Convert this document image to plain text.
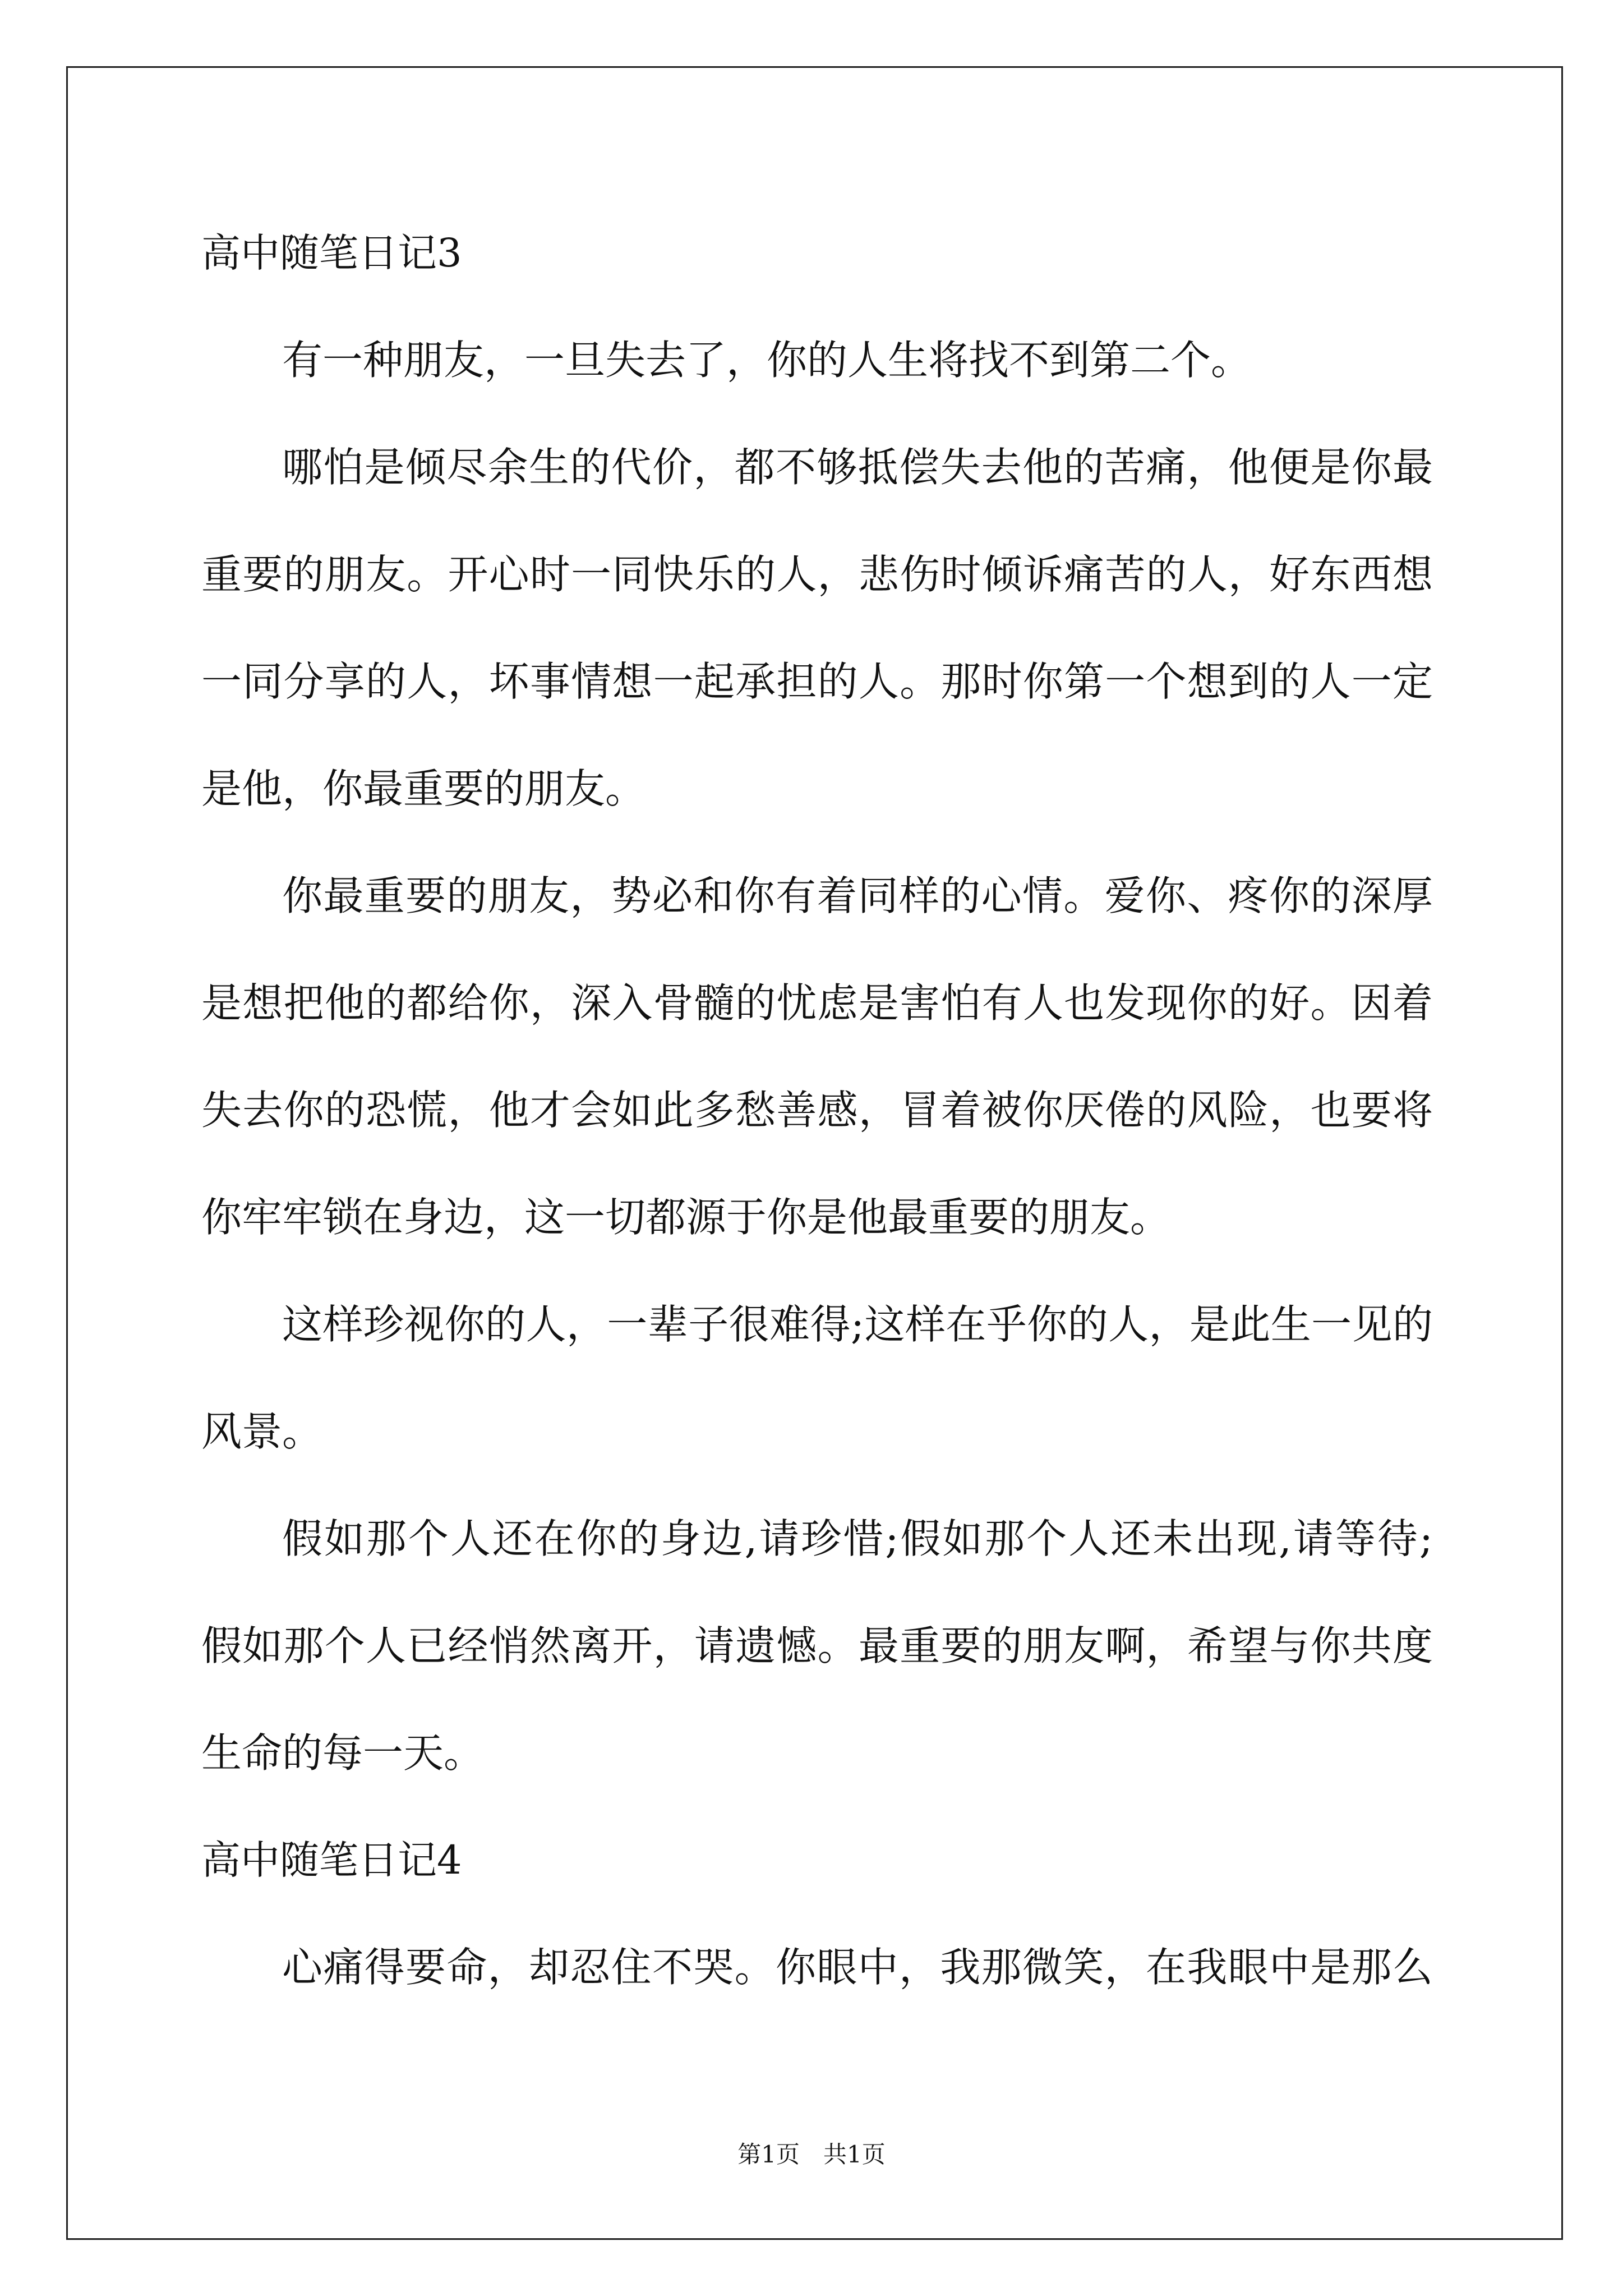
高中随笔日记3
有一种朋友，一旦失去了，你的人生将找不到第二个。
哪怕是倾尽余生的代价，都不够抵偿失去他的苦痛，他便是你最
重要的朋友。开心时一同快乐的人，悲伤时倾诉痛苦的人，好东西想
一同分享的人，坏事情想一起承担的人。那时你第一个想到的人一定
是他，你最重要的朋友。
你最重要的朋友，势必和你有着同样的心情。爱你、疼你的深厚
是想把他的都给你，深入骨髓的忧虑是害怕有人也发现你的好。因着
失去你的恐慌，他才会如此多愁善感，冒着被你厌倦的风险，也要将
你牢牢锁在身边，这一切都源于你是他最重要的朋友。
这样珍视你的人，一辈子很难得;这样在乎你的人，是此生一见的
风景。
假如那个人还在你的身边,请珍惜;假如那个人还未出现,请等待;
假如那个人已经悄然离开，请遗憾。最重要的朋友啊，希望与你共度
生命的每一天。
高中随笔日记4
心痛得要命，却忍住不哭。你眼中，我那微笑，在我眼中是那么
第1页　共1页
